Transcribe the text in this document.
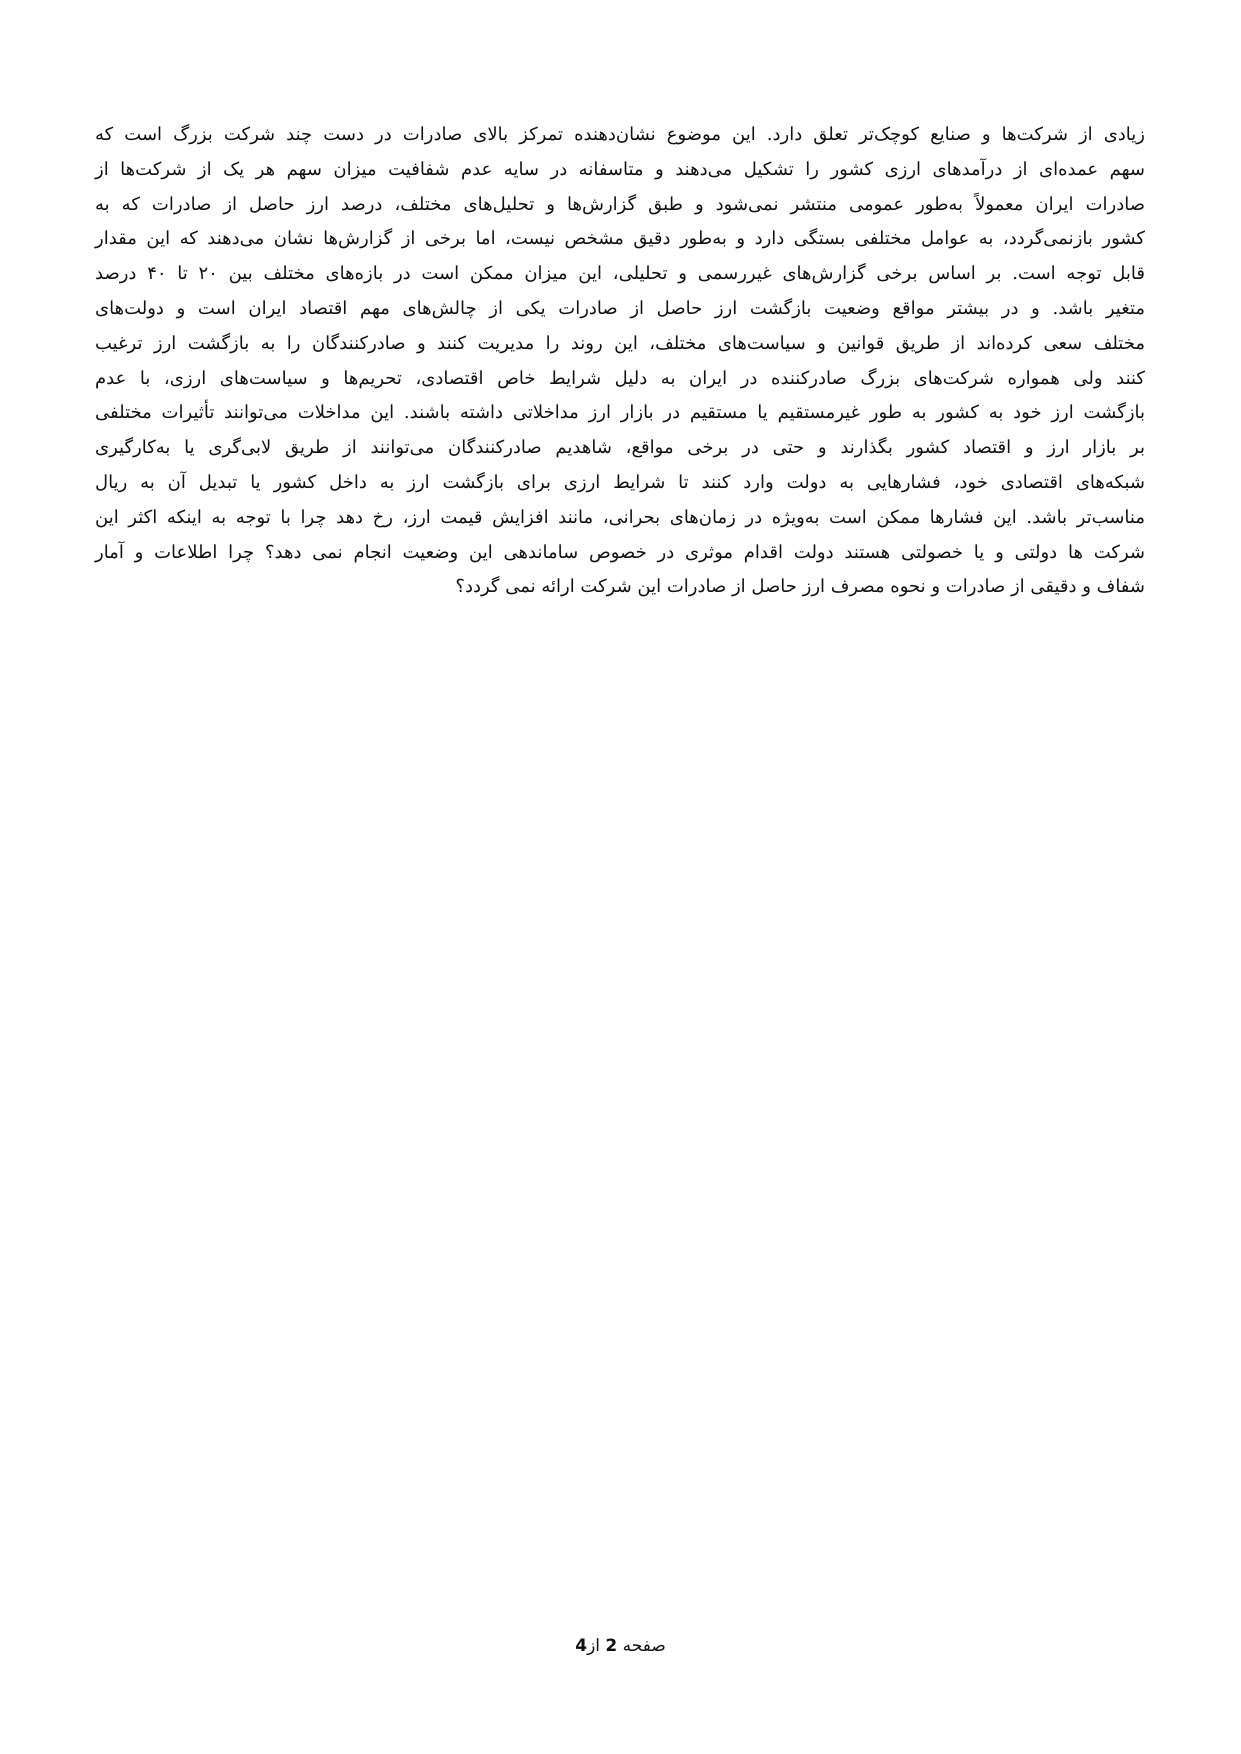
زیادی از شرکت‌ها و صنایع کوچک‌تر تعلق دارد. این موضوع نشان‌دهنده تمرکز بالای صادرات در دست چند شرکت بزرگ است که
سهم عمده‌ای از درآمدهای ارزی کشور را تشکیل می‌دهند و متاسفانه در سایه عدم شفافیت میزان سهم هر یک از شرکت‌ها از
صادرات ایران معمولاً به‌طور عمومی منتشر نمی‌شود و طبق گزارش‌ها و تحلیل‌های مختلف، درصد ارز حاصل از صادرات که به
کشور بازنمی‌گردد، به عوامل مختلفی بستگی دارد و به‌طور دقیق مشخص نیست، اما برخی از گزارش‌ها نشان می‌دهند که این مقدار
قابل توجه است. بر اساس برخی گزارش‌های غیررسمی و تحلیلی، این میزان ممکن است در بازه‌های مختلف بین ۲۰ تا ۴۰ درصد
متغیر باشد. و در بیشتر مواقع وضعیت بازگشت ارز حاصل از صادرات یکی از چالش‌های مهم اقتصاد ایران است و دولت‌های
مختلف سعی کرده‌اند از طریق قوانین و سیاست‌های مختلف، این روند را مدیریت کنند و صادرکنندگان را به بازگشت ارز ترغیب
کنند ولی همواره شرکت‌های بزرگ صادرکننده در ایران به دلیل شرایط خاص اقتصادی، تحریم‌ها و سیاست‌های ارزی، با عدم
بازگشت ارز خود به کشور به طور غیرمستقیم یا مستقیم در بازار ارز مداخلاتی داشته باشند. این مداخلات می‌توانند تأثیرات مختلفی
بر بازار ارز و اقتصاد کشور بگذارند و حتی در برخی مواقع، شاهدیم صادرکنندگان می‌توانند از طریق لابی‌گری یا به‌کارگیری
شبکه‌های اقتصادی خود، فشارهایی به دولت وارد کنند تا شرایط ارزی برای بازگشت ارز به داخل کشور یا تبدیل آن به ریال
مناسب‌تر باشد. این فشارها ممکن است به‌ویژه در زمان‌های بحرانی، مانند افزایش قیمت ارز، رخ دهد چرا با توجه به اینکه اکثر این
شرکت ها دولتی و یا خصولتی هستند دولت اقدام موثری در خصوص ساماندهی این وضعیت انجام نمی دهد؟ چرا اطلاعات و آمار
شفاف و دقیقی از صادرات و نحوه مصرف ارز حاصل از صادرات این شرکت ارائه نمی گردد؟
صفحه 2 از4
